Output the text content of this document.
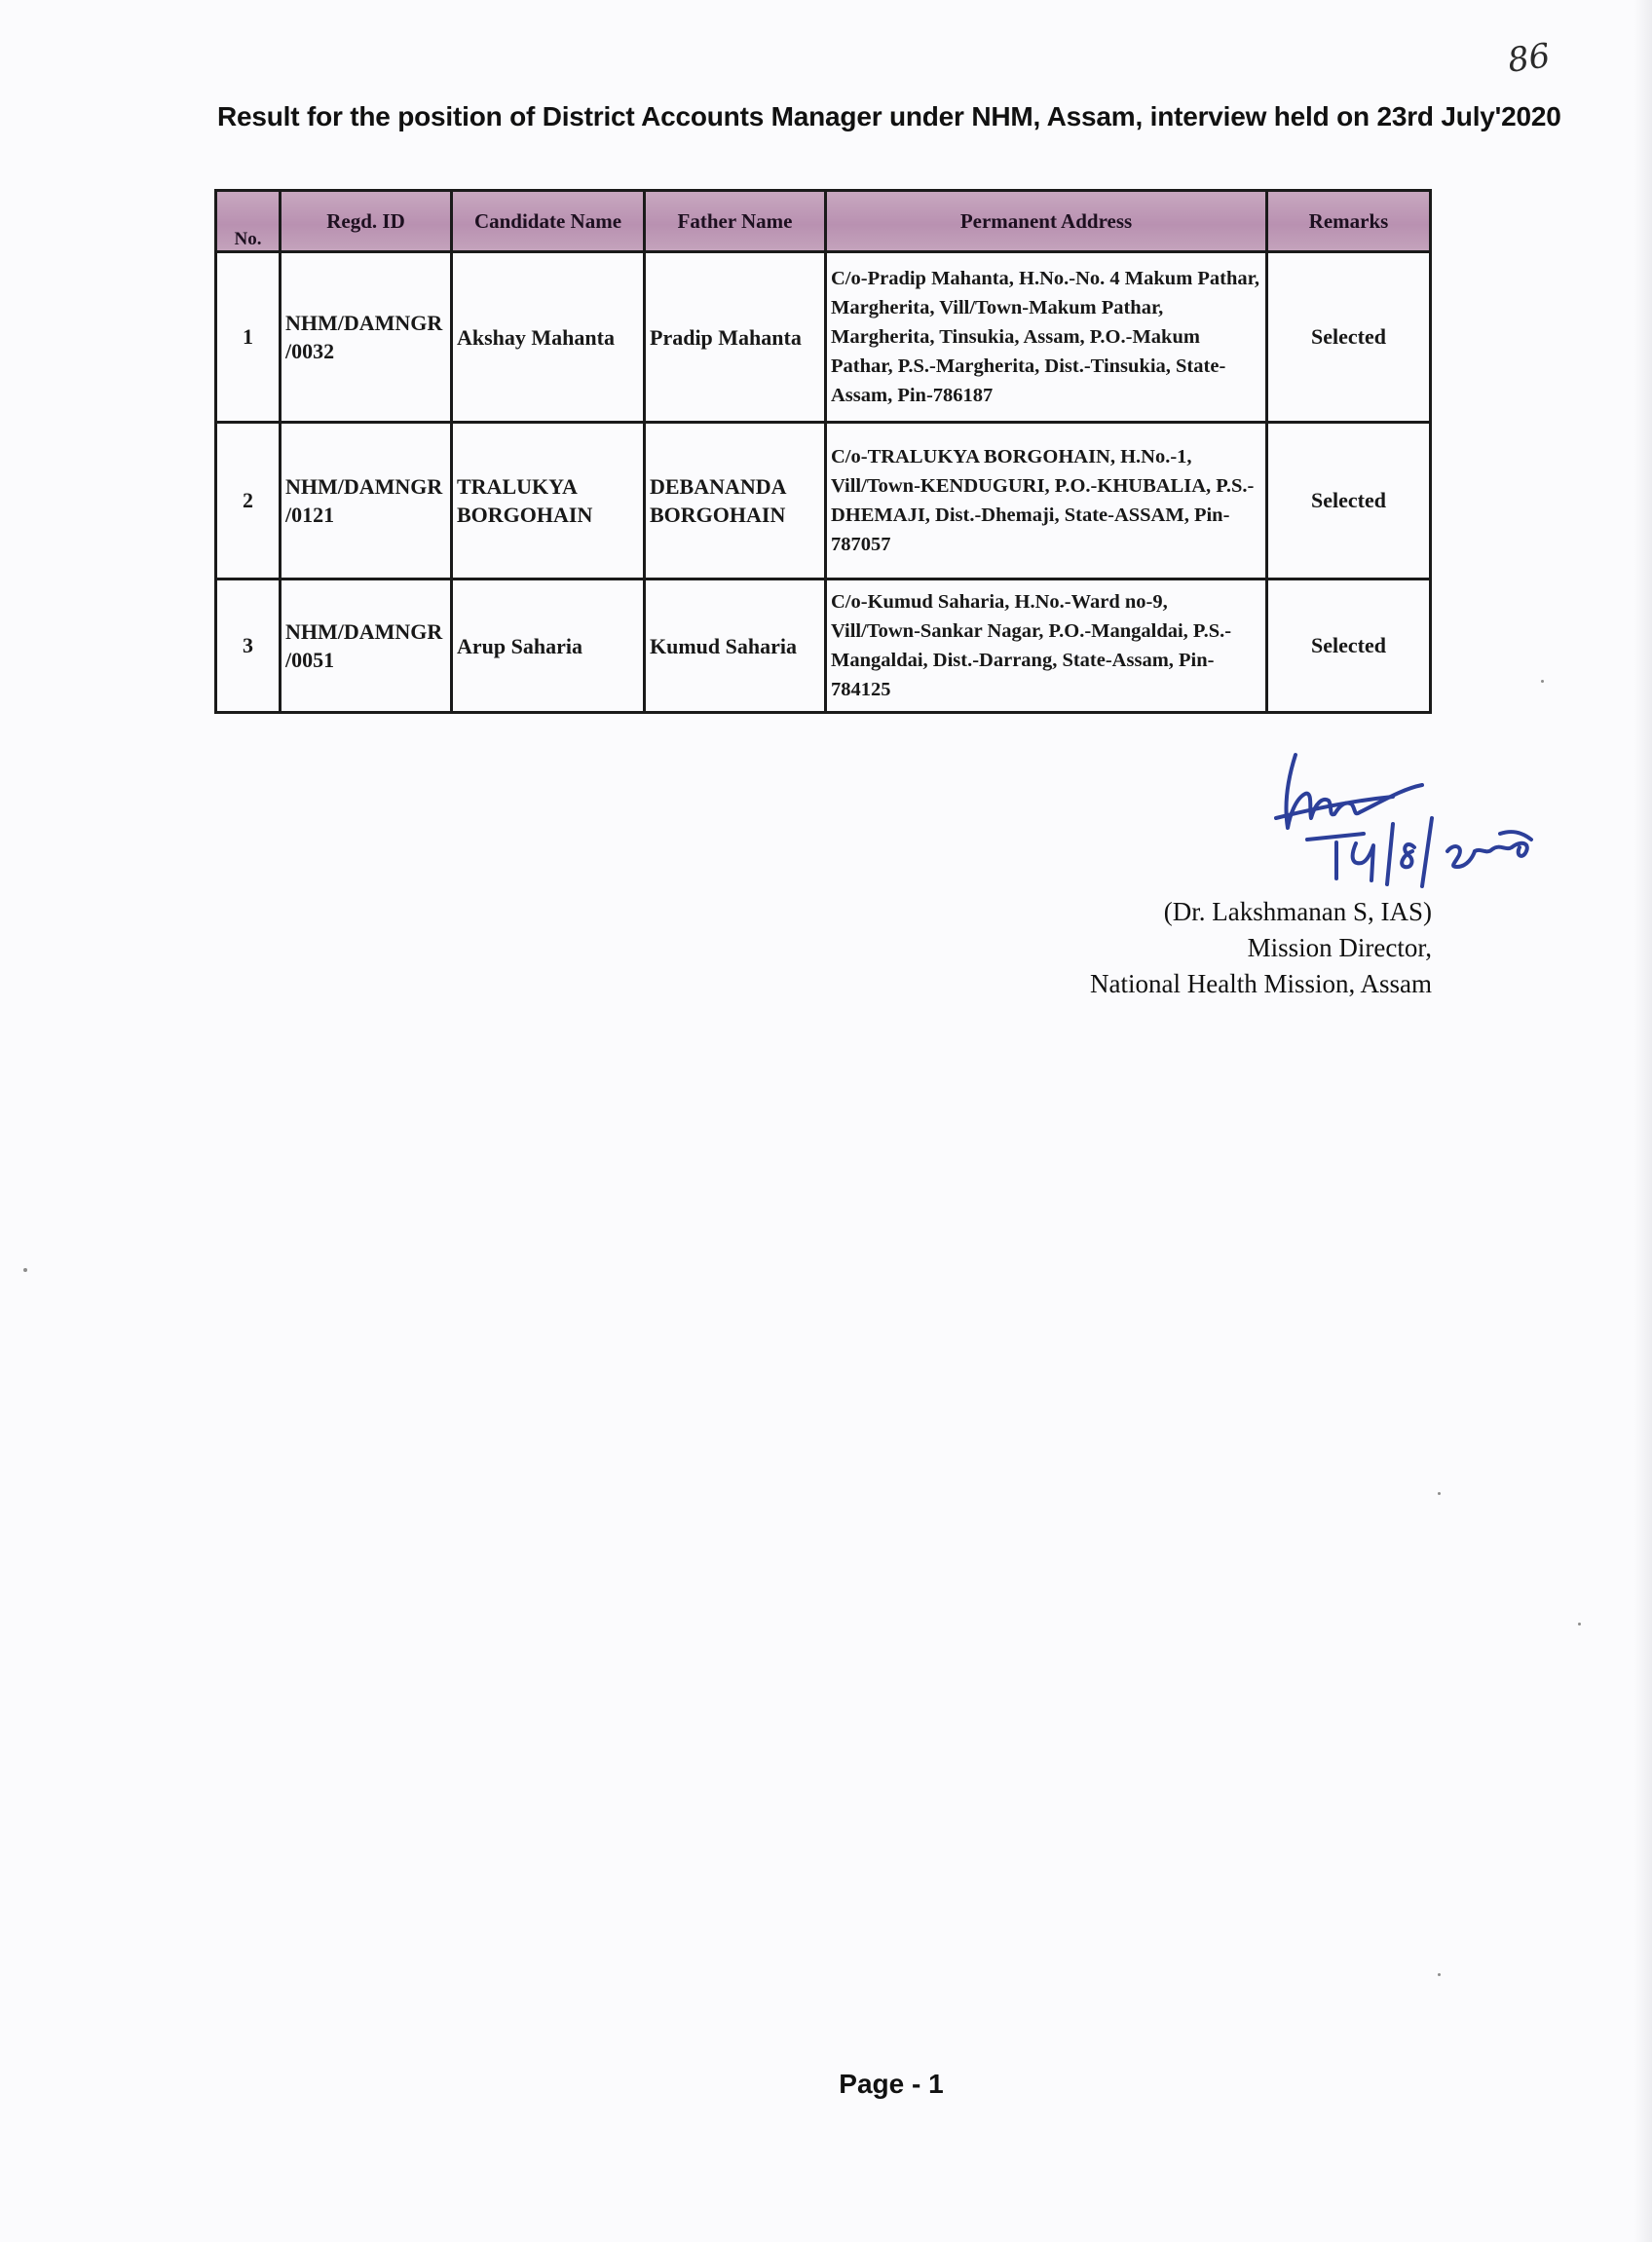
86
Result for the position of District Accounts Manager under NHM, Assam, interview held on 23rd July'2020
No.	Regd. ID	Candidate Name	Father Name	Permanent Address	Remarks
1	NHM/DAMNGR /0032	Akshay Mahanta	Pradip Mahanta	C/o-Pradip Mahanta, H.No.-No. 4 Makum Pathar, Margherita, Vill/Town-Makum Pathar, Margherita, Tinsukia, Assam, P.O.-Makum Pathar, P.S.-Margherita, Dist.-Tinsukia, State-Assam, Pin-786187	Selected
2	NHM/DAMNGR /0121	TRALUKYA BORGOHAIN	DEBANANDA BORGOHAIN	C/o-TRALUKYA BORGOHAIN, H.No.-1, Vill/Town-KENDUGURI, P.O.-KHUBALIA, P.S.-DHEMAJI, Dist.-Dhemaji, State-ASSAM, Pin-787057	Selected
3	NHM/DAMNGR /0051	Arup Saharia	Kumud Saharia	C/o-Kumud Saharia, H.No.-Ward no-9, Vill/Town-Sankar Nagar, P.O.-Mangaldai, P.S.-Mangaldai, Dist.-Darrang, State-Assam, Pin-784125	Selected
14/8/2020
(Dr. Lakshmanan S, IAS)
Mission Director,
National Health Mission, Assam
Page - 1
